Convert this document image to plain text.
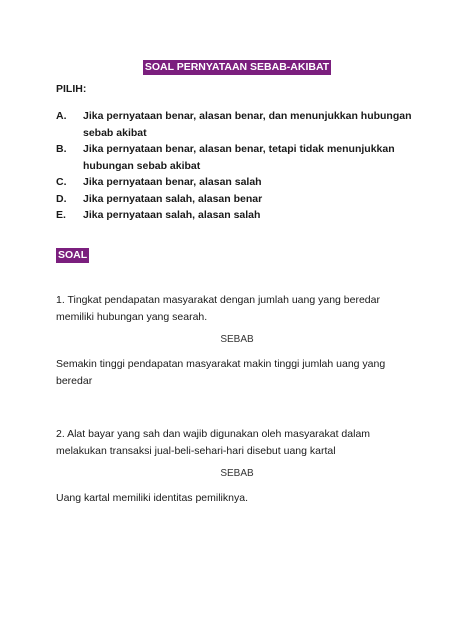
SOAL PERNYATAAN SEBAB-AKIBAT
PILIH:
A.	Jika pernyataan benar, alasan benar, dan menunjukkan hubungan sebab akibat
B.	Jika pernyataan benar, alasan benar, tetapi tidak menunjukkan hubungan sebab akibat
C.	Jika pernyataan benar, alasan salah
D.	Jika pernyataan salah, alasan benar
E.	Jika pernyataan salah, alasan salah
SOAL
1. Tingkat pendapatan masyarakat dengan jumlah uang yang beredar memiliki hubungan yang searah.
SEBAB
Semakin tinggi pendapatan masyarakat makin tinggi jumlah uang yang beredar
2. Alat bayar yang sah dan wajib digunakan oleh masyarakat dalam melakukan transaksi jual-beli-sehari-hari disebut uang kartal
SEBAB
Uang kartal memiliki identitas pemiliknya.
